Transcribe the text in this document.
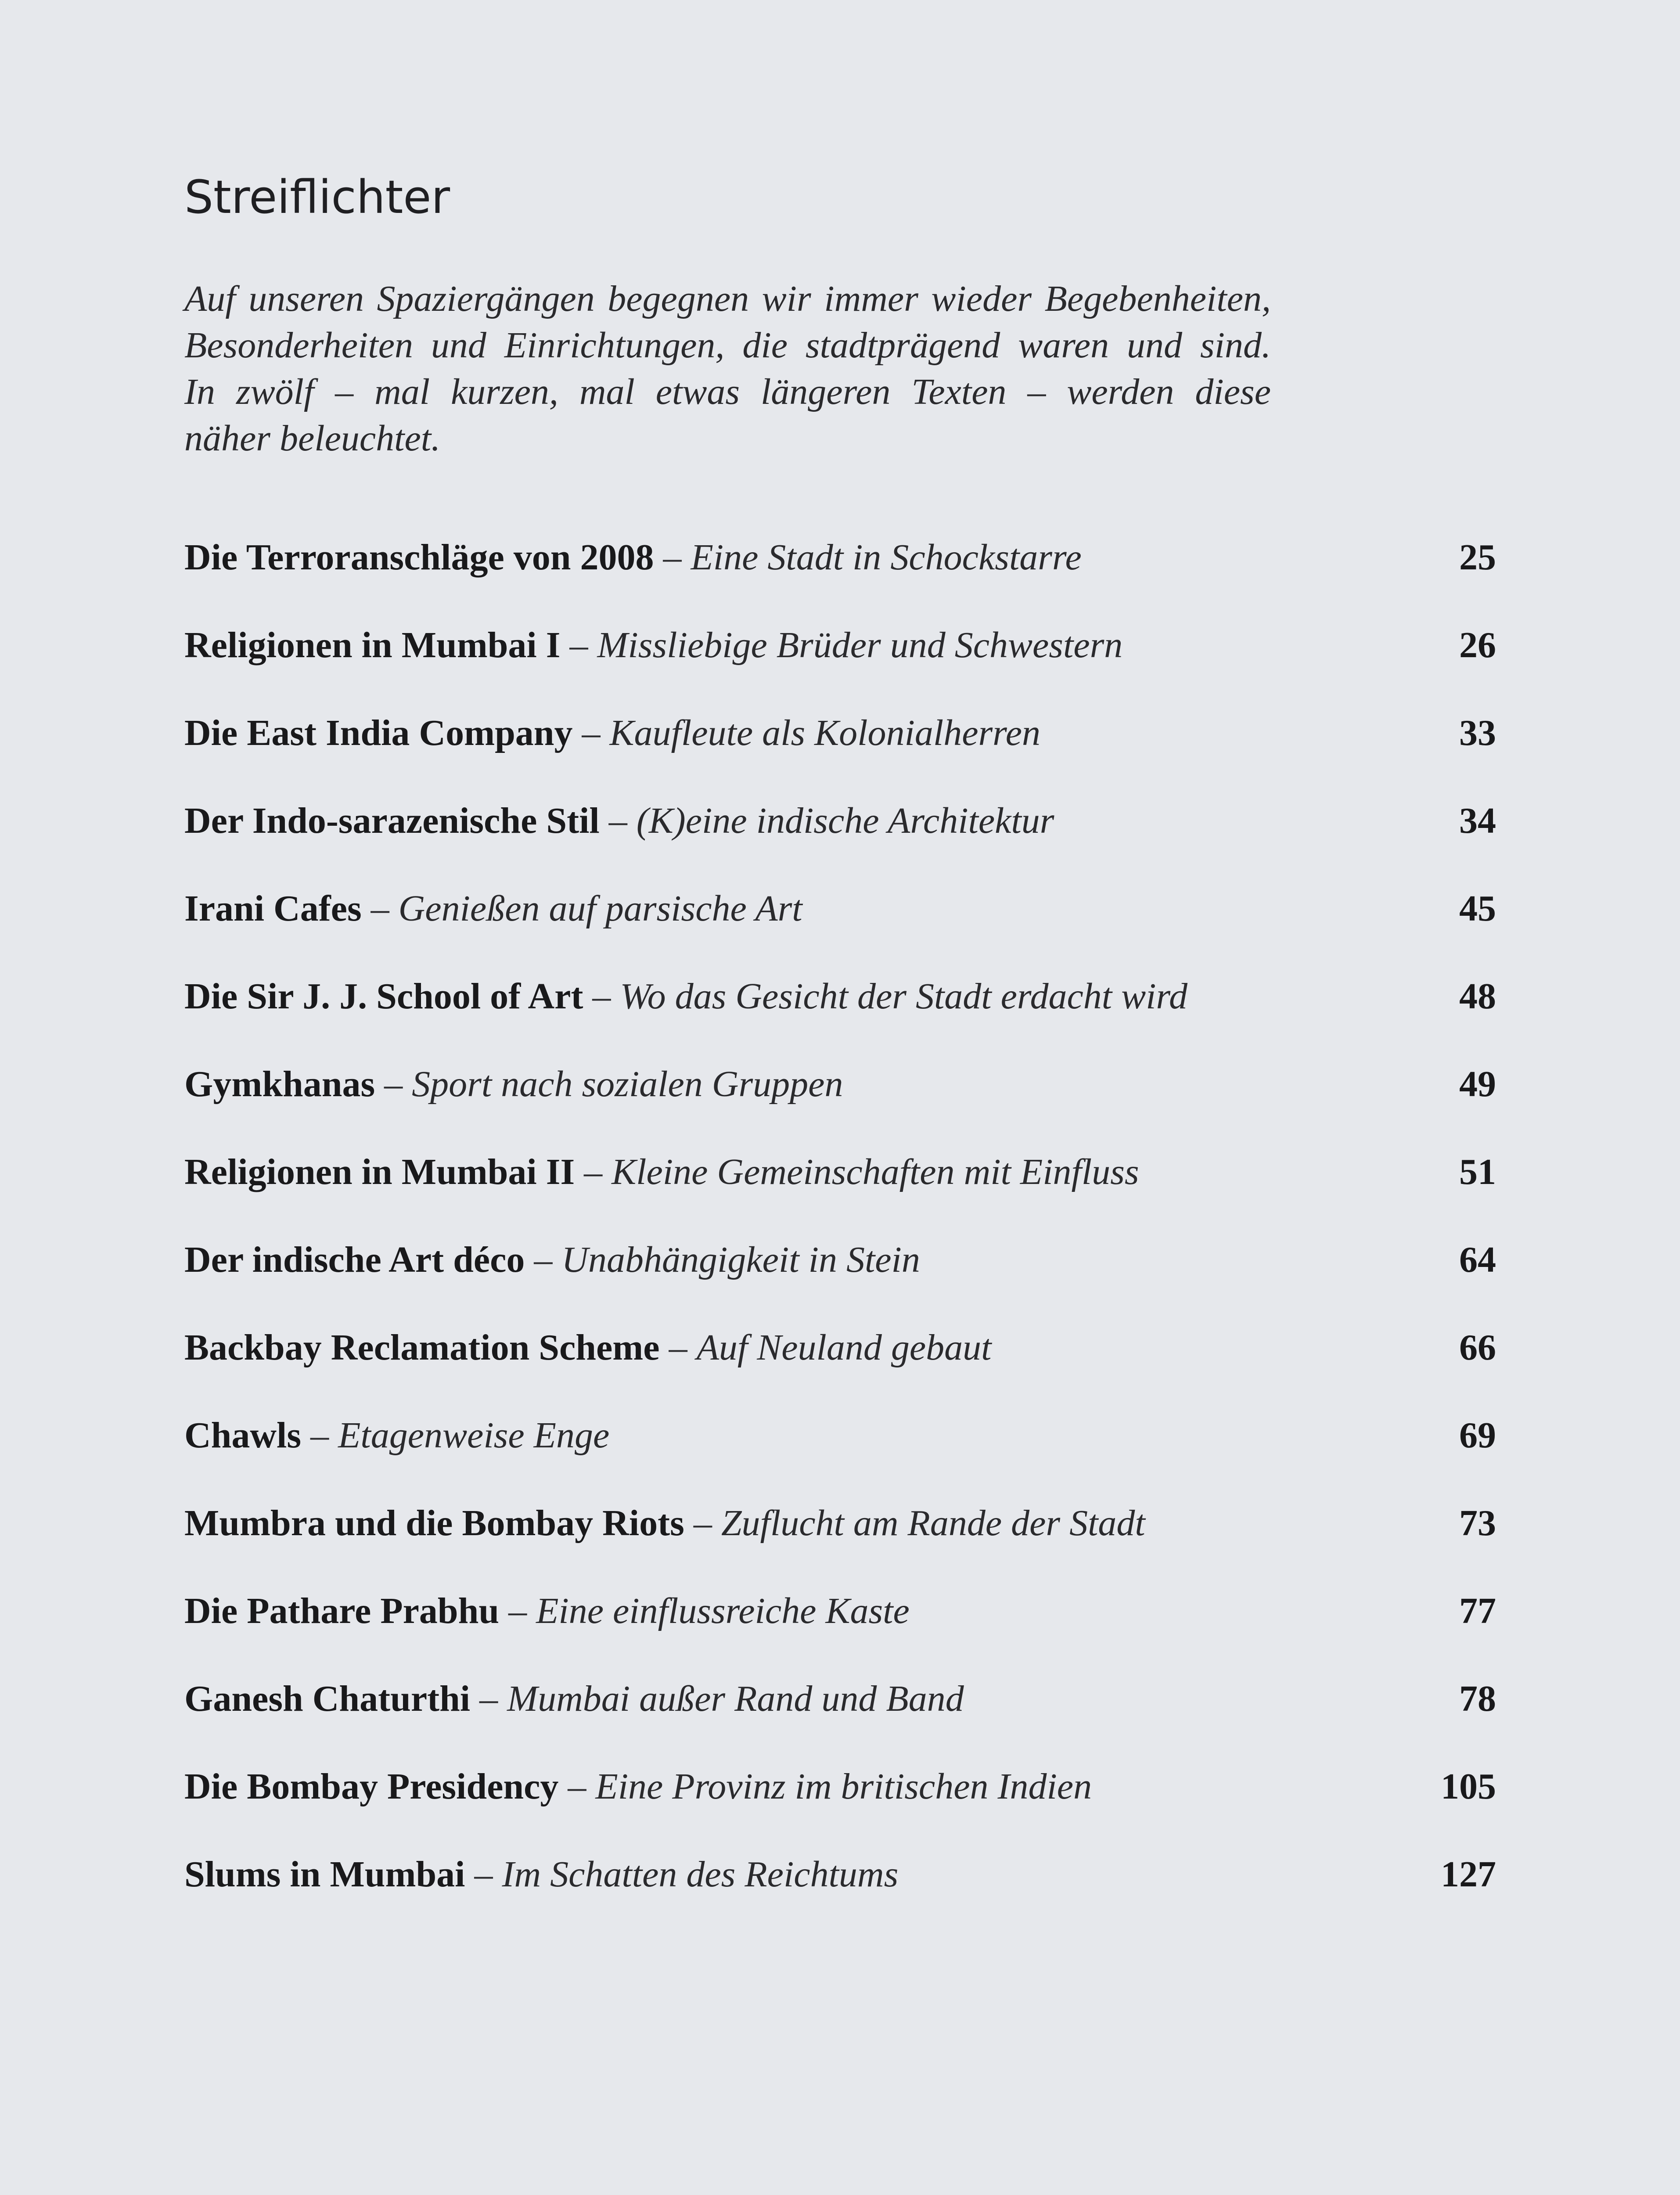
Streiflichter

Auf unseren Spaziergängen begegnen wir immer wieder Begebenheiten,
Besonderheiten und Einrichtungen, die stadtprägend waren und sind.
In zwölf – mal kurzen, mal etwas längeren Texten – werden diese
näher beleuchtet.

Die Terroranschläge von 2008 – Eine Stadt in Schockstarre	25
Religionen in Mumbai I – Missliebige Brüder und Schwestern	26
Die East India Company – Kaufleute als Kolonialherren	33
Der Indo-sarazenische Stil – (K)eine indische Architektur	34
Irani Cafes – Genießen auf parsische Art	45
Die Sir J. J. School of Art – Wo das Gesicht der Stadt erdacht wird	48
Gymkhanas – Sport nach sozialen Gruppen	49
Religionen in Mumbai II – Kleine Gemeinschaften mit Einfluss	51
Der indische Art déco – Unabhängigkeit in Stein	64
Backbay Reclamation Scheme – Auf Neuland gebaut	66
Chawls – Etagenweise Enge	69
Mumbra und die Bombay Riots – Zuflucht am Rande der Stadt	73
Die Pathare Prabhu – Eine einflussreiche Kaste	77
Ganesh Chaturthi – Mumbai außer Rand und Band	78
Die Bombay Presidency – Eine Provinz im britischen Indien	105
Slums in Mumbai – Im Schatten des Reichtums	127
